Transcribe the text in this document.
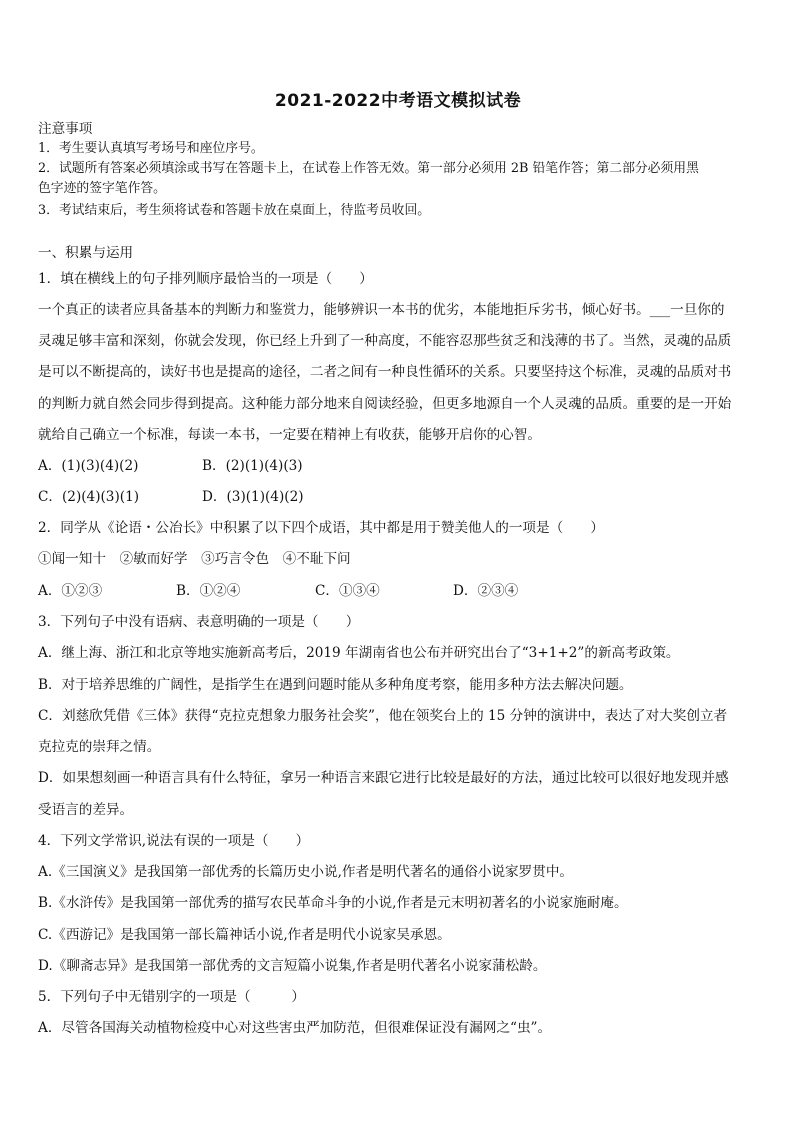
2021-2022中考语文模拟试卷
注意事项
1．考生要认真填写考场号和座位序号。
2．试题所有答案必须填涂或书写在答题卡上，在试卷上作答无效。第一部分必须用 2B 铅笔作答；第二部分必须用黑
色字迹的签字笔作答。
3．考试结束后，考生须将试卷和答题卡放在桌面上，待监考员收回。
一、积累与运用
1．填在横线上的句子排列顺序最恰当的一项是（　　）
一个真正的读者应具备基本的判断力和鉴赏力，能够辨识一本书的优劣，本能地拒斥劣书，倾心好书。___一旦你的
灵魂足够丰富和深刻，你就会发现，你已经上升到了一种高度，不能容忍那些贫乏和浅薄的书了。当然，灵魂的品质
是可以不断提高的，读好书也是提高的途径，二者之间有一种良性循环的关系。只要坚持这个标准，灵魂的品质对书
的判断力就自然会同步得到提高。这种能力部分地来自阅读经验，但更多地源自一个人灵魂的品质。重要的是一开始
就给自己确立一个标准，每读一本书，一定要在精神上有收获，能够开启你的心智。
A．(1)(3)(4)(2)	B．(2)(1)(4)(3)
C．(2)(4)(3)(1)	D．(3)(1)(4)(2)
2．同学从《论语・公冶长》中积累了以下四个成语，其中都是用于赞美他人的一项是（　　）
①闻一知十　②敏而好学　③巧言令色　④不耻下问
A．①②③	B．①②④	C．①③④	D．②③④
3．下列句子中没有语病、表意明确的一项是（　　）
A．继上海、浙江和北京等地实施新高考后，2019 年湖南省也公布并研究出台了“3+1+2”的新高考政策。
B．对于培养思维的广阔性，是指学生在遇到问题时能从多种角度考察，能用多种方法去解决问题。
C．刘慈欣凭借《三体》获得“克拉克想象力服务社会奖”，他在领奖台上的 15 分钟的演讲中，表达了对大奖创立者
克拉克的崇拜之情。
D．如果想刻画一种语言具有什么特征，拿另一种语言来跟它进行比较是最好的方法，通过比较可以很好地发现并感
受语言的差异。
4．下列文学常识,说法有误的一项是（　　）
A.《三国演义》是我国第一部优秀的长篇历史小说,作者是明代著名的通俗小说家罗贯中。
B.《水浒传》是我国第一部优秀的描写农民革命斗争的小说,作者是元末明初著名的小说家施耐庵。
C.《西游记》是我国第一部长篇神话小说,作者是明代小说家吴承恩。
D.《聊斋志异》是我国第一部优秀的文言短篇小说集,作者是明代著名小说家蒲松龄。
5．下列句子中无错别字的一项是（　　　）
A．尽管各国海关动植物检疫中心对这些害虫严加防范，但很难保证没有漏网之“虫”。
